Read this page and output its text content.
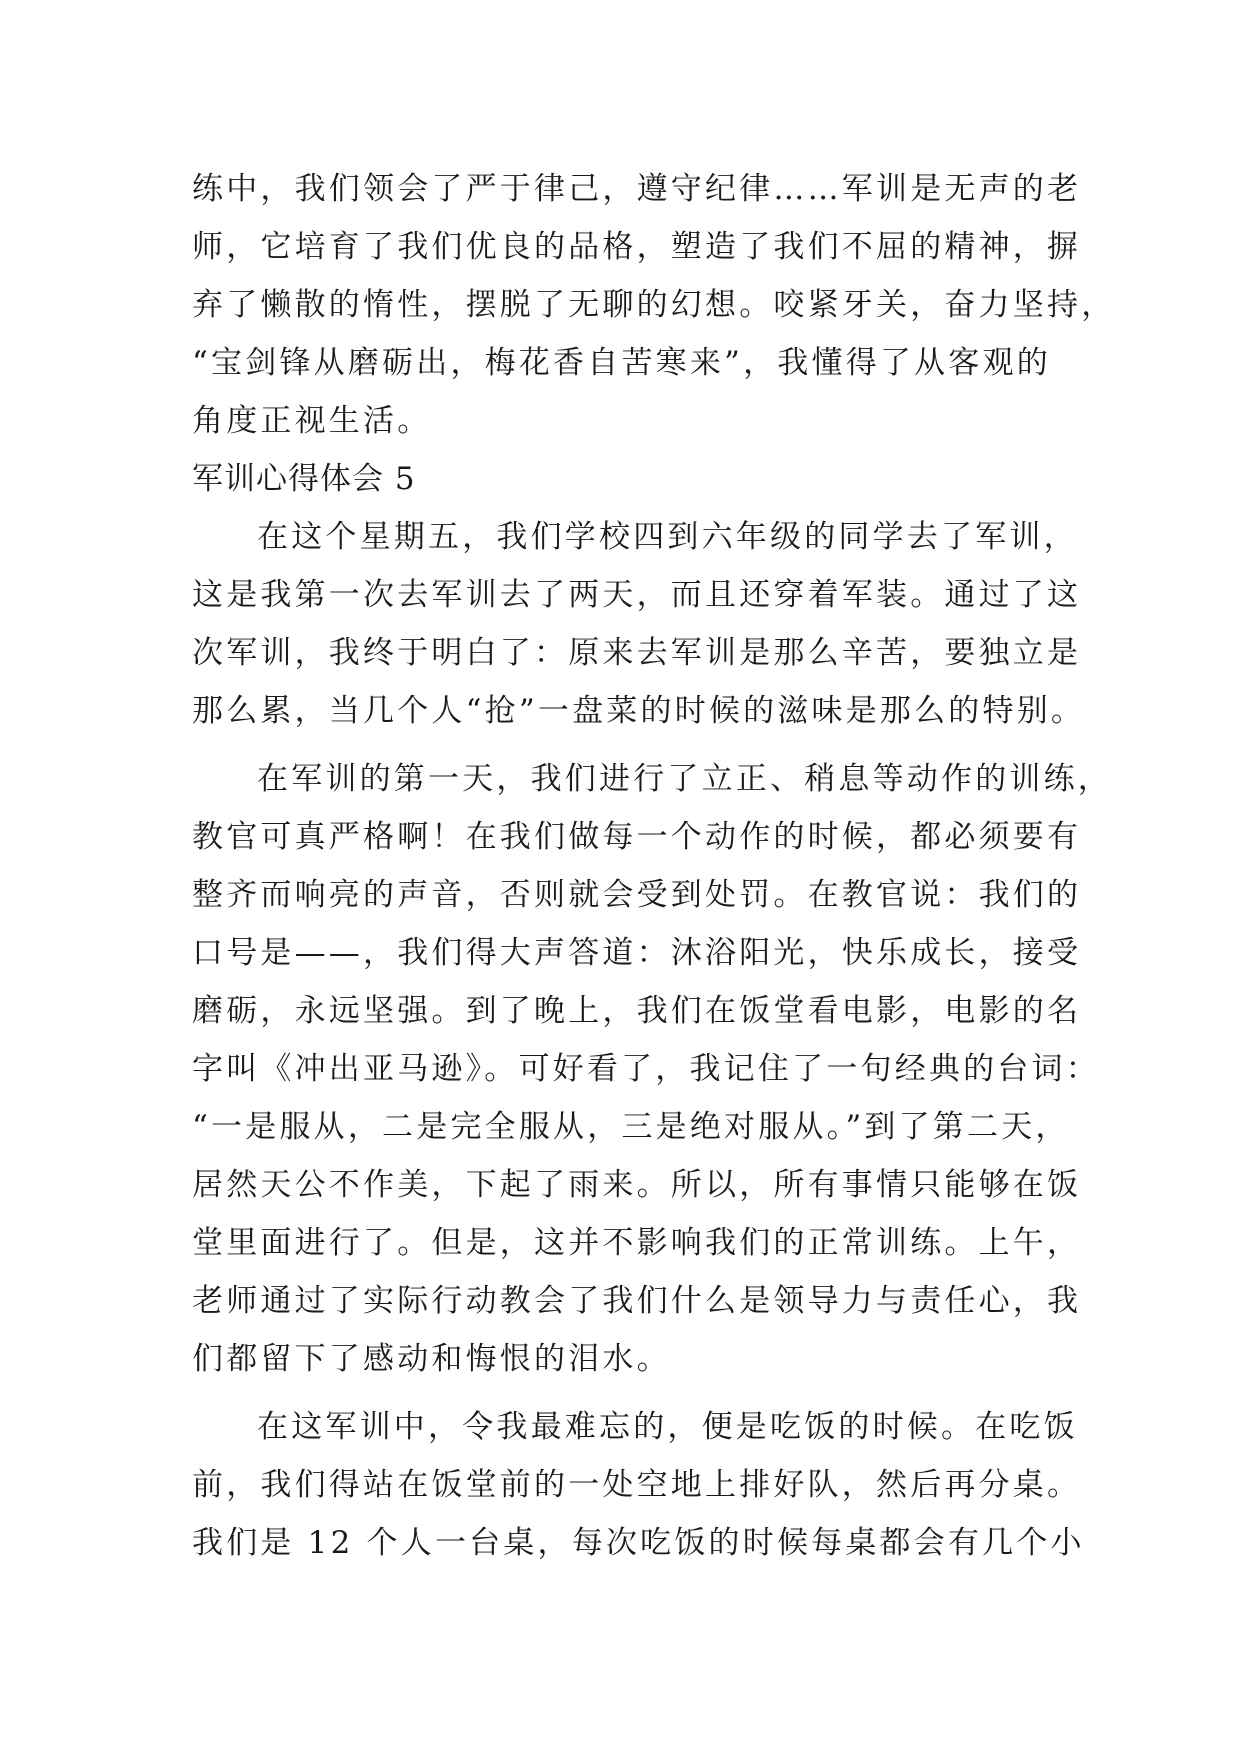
练中，我们领会了严于律己，遵守纪律……军训是无声的老
师，它培育了我们优良的品格，塑造了我们不屈的精神，摒
弃了懒散的惰性，摆脱了无聊的幻想。咬紧牙关，奋力坚持，
“宝剑锋从磨砺出，梅花香自苦寒来”，我懂得了从客观的
角度正视生活。
军训心得体会 5
在这个星期五，我们学校四到六年级的同学去了军训，
这是我第一次去军训去了两天，而且还穿着军装。通过了这
次军训，我终于明白了：原来去军训是那么辛苦，要独立是
那么累，当几个人“抢”一盘菜的时候的滋味是那么的特别。
在军训的第一天，我们进行了立正、稍息等动作的训练，
教官可真严格啊！在我们做每一个动作的时候，都必须要有
整齐而响亮的声音，否则就会受到处罚。在教官说：我们的
口号是——，我们得大声答道：沐浴阳光，快乐成长，接受
磨砺，永远坚强。到了晚上，我们在饭堂看电影，电影的名
字叫《冲出亚马逊》。可好看了，我记住了一句经典的台词：
“一是服从，二是完全服从，三是绝对服从。”到了第二天，
居然天公不作美，下起了雨来。所以，所有事情只能够在饭
堂里面进行了。但是，这并不影响我们的正常训练。上午，
老师通过了实际行动教会了我们什么是领导力与责任心，我
们都留下了感动和悔恨的泪水。
在这军训中，令我最难忘的，便是吃饭的时候。在吃饭
前，我们得站在饭堂前的一处空地上排好队，然后再分桌。
我们是 12 个人一台桌，每次吃饭的时候每桌都会有几个小
